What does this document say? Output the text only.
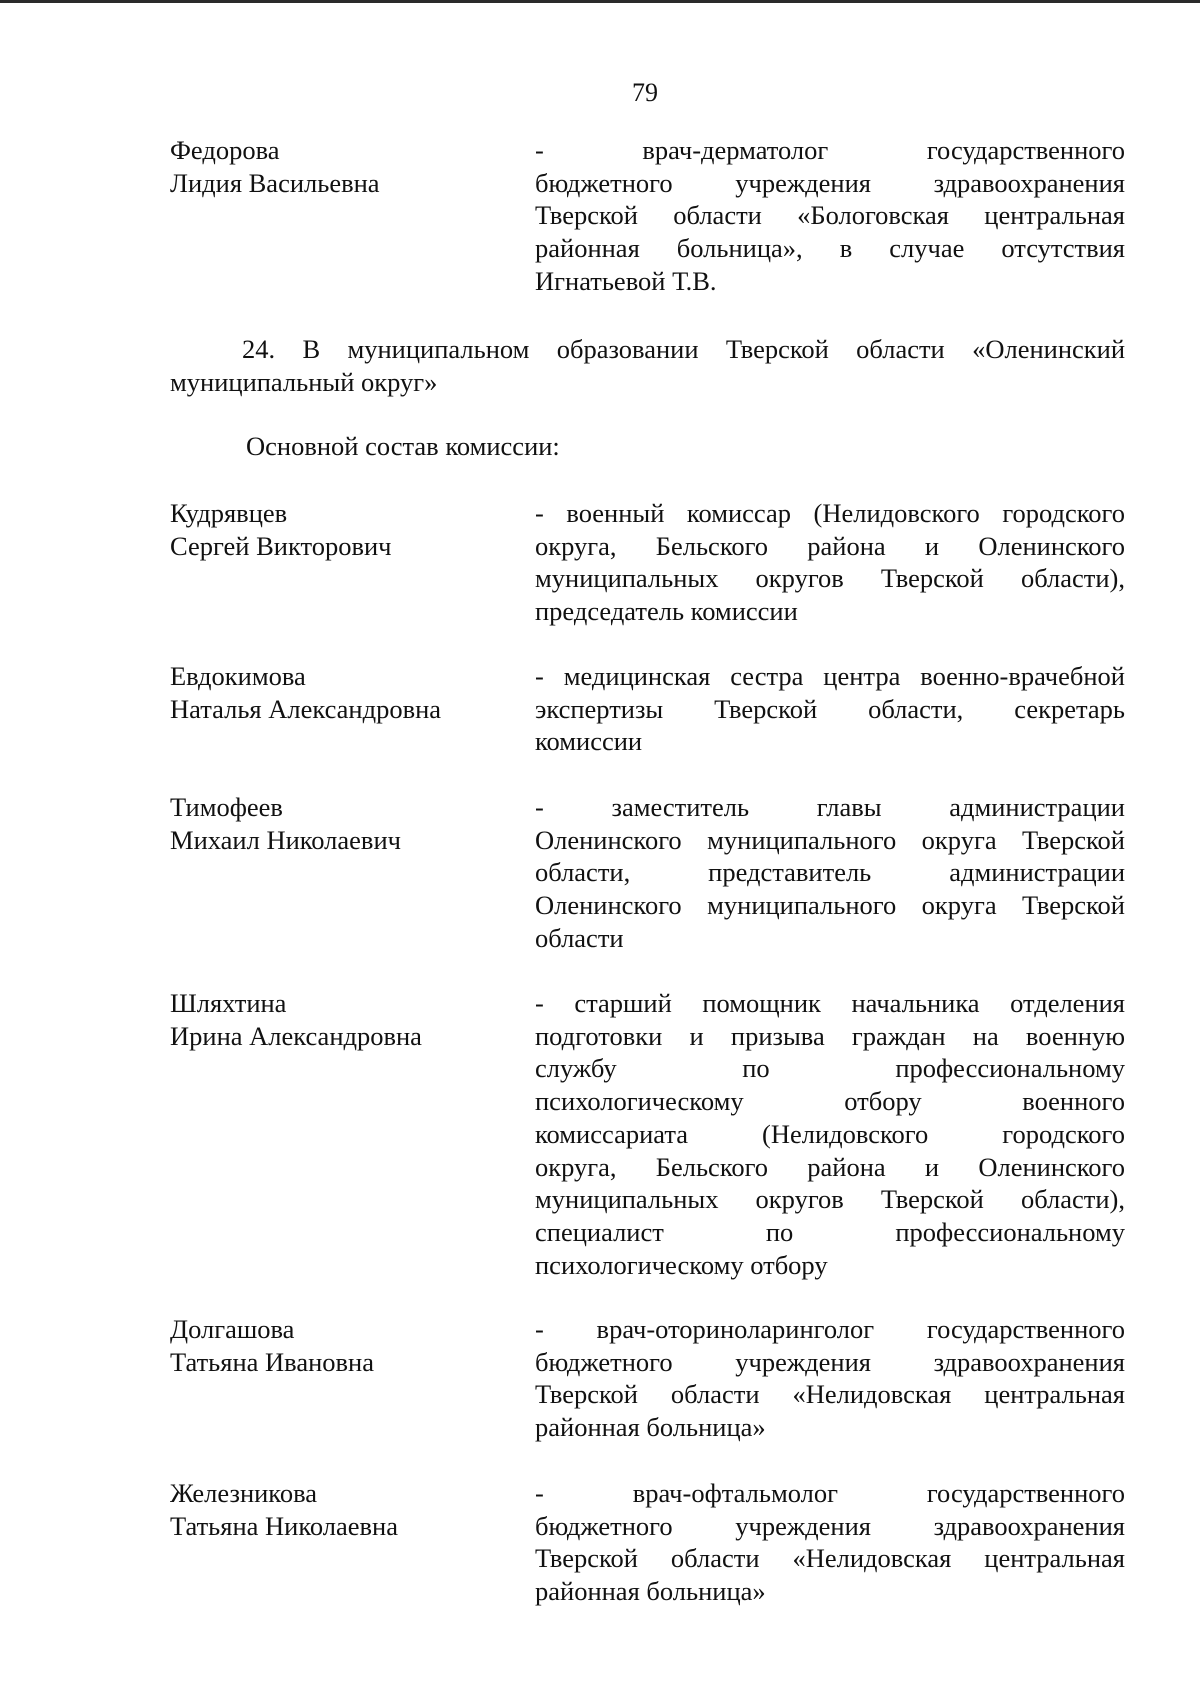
79
Федорова
Лидия Васильевна
- врач-дерматолог государственного
бюджетного учреждения здравоохранения
Тверской области «Бологовская центральная
районная больница», в случае отсутствия
Игнатьевой Т.В.
24. В муниципальном образовании Тверской области «Оленинский
муниципальный округ»
Основной состав комиссии:
Кудрявцев
Сергей Викторович
- военный комиссар (Нелидовского городского
округа, Бельского района и Оленинского
муниципальных округов Тверской области),
председатель комиссии
Евдокимова
Наталья Александровна
- медицинская сестра центра военно-врачебной
экспертизы Тверской области, секретарь
комиссии
Тимофеев
Михаил Николаевич
- заместитель главы администрации
Оленинского муниципального округа Тверской
области, представитель администрации
Оленинского муниципального округа Тверской
области
Шляхтина
Ирина Александровна
- старший помощник начальника отделения
подготовки и призыва граждан на военную
службу по профессиональному
психологическому отбору военного
комиссариата (Нелидовского городского
округа, Бельского района и Оленинского
муниципальных округов Тверской области),
специалист по профессиональному
психологическому отбору
Долгашова
Татьяна Ивановна
- врач-оториноларинголог государственного
бюджетного учреждения здравоохранения
Тверской области «Нелидовская центральная
районная больница»
Железникова
Татьяна Николаевна
- врач-офтальмолог государственного
бюджетного учреждения здравоохранения
Тверской области «Нелидовская центральная
районная больница»
